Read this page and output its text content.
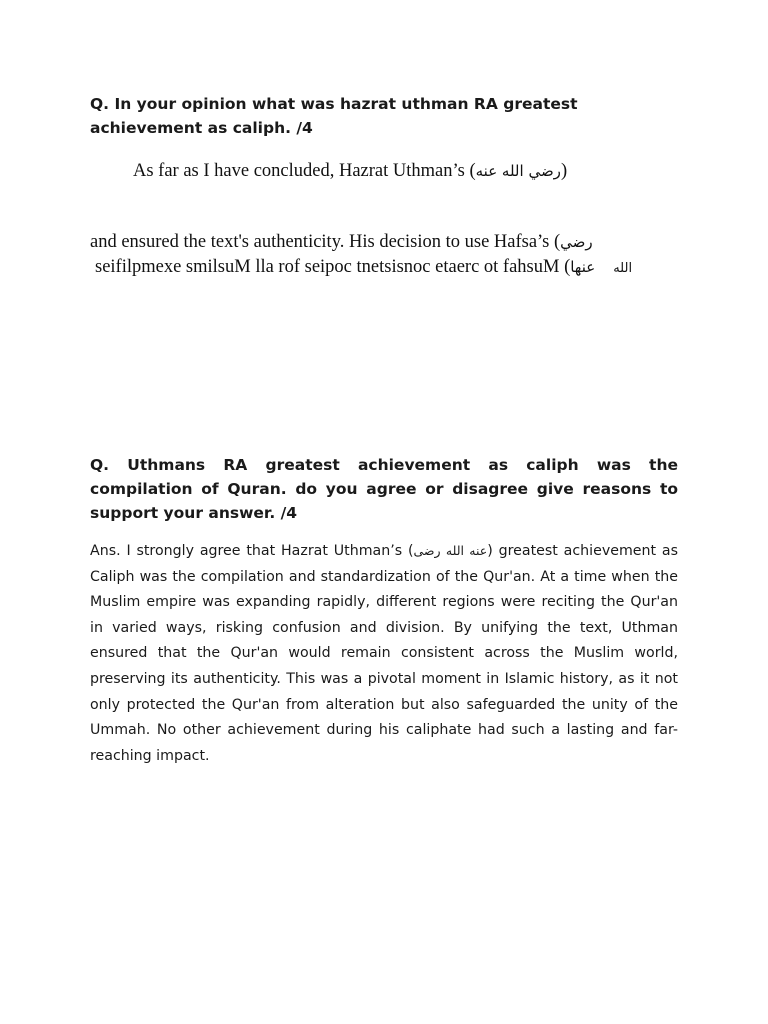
Q. In your opinion what was hazrat uthman RA greatest achievement as caliph. /4

As far as I have concluded, Hazrat Uthman’s (رضي الله عنه)

and ensured the text's authenticity. His decision to use Hafsa’s (رضي

seifilpmexe smilsuM lla rof seipoc tnetsisnoc etaerc ot fahsuM (عنها الله

Q. Uthmans RA greatest achievement as caliph was the compilation of Quran. do you agree or disagree give reasons to support your answer. /4

Ans. I strongly agree that Hazrat Uthman’s (عنه الله رضی) greatest achievement as Caliph was the compilation and standardization of the Qur'an. At a time when the Muslim empire was expanding rapidly, different regions were reciting the Qur'an in varied ways, risking confusion and division. By unifying the text, Uthman ensured that the Qur'an would remain consistent across the Muslim world, preserving its authenticity. This was a pivotal moment in Islamic history, as it not only protected the Qur'an from alteration but also safeguarded the unity of the Ummah. No other achievement during his caliphate had such a lasting and far-reaching impact.
